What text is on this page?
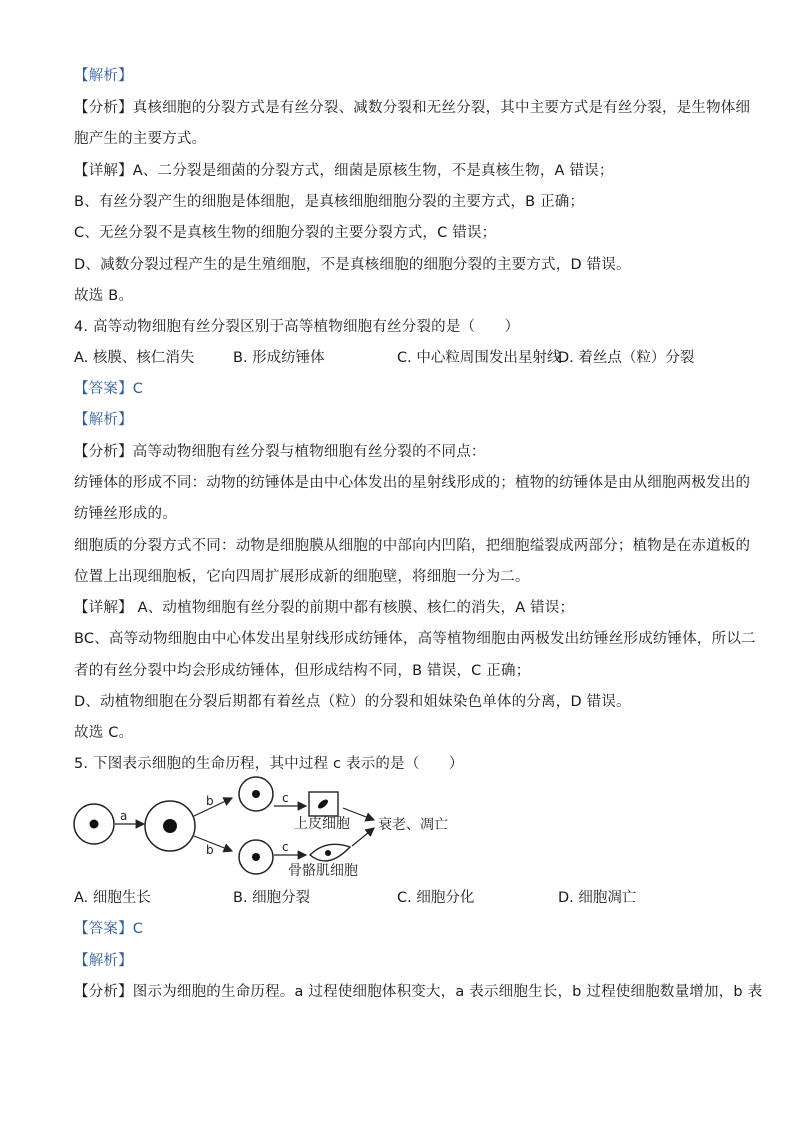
【解析】
【分析】真核细胞的分裂方式是有丝分裂、减数分裂和无丝分裂，其中主要方式是有丝分裂，是生物体细
胞产生的主要方式。
【详解】A、二分裂是细菌的分裂方式，细菌是原核生物，不是真核生物，A 错误；
B、有丝分裂产生的细胞是体细胞，是真核细胞细胞分裂的主要方式，B 正确；
C、无丝分裂不是真核生物的细胞分裂的主要分裂方式，C 错误；
D、减数分裂过程产生的是生殖细胞，不是真核细胞的细胞分裂的主要方式，D 错误。
故选 B。
4. 高等动物细胞有丝分裂区别于高等植物细胞有丝分裂的是（　　）
A. 核膜、核仁消失	B. 形成纺锤体	C. 中心粒周围发出星射线
D. 着丝点（粒）分裂
【答案】C
【解析】
【分析】高等动物细胞有丝分裂与植物细胞有丝分裂的不同点：
纺锤体的形成不同：动物的纺锤体是由中心体发出的星射线形成的；植物的纺锤体是由从细胞两极发出的
纺锤丝形成的。
细胞质的分裂方式不同：动物是细胞膜从细胞的中部向内凹陷，把细胞缢裂成两部分；植物是在赤道板的
位置上出现细胞板，它向四周扩展形成新的细胞壁，将细胞一分为二。
【详解】 A、动植物细胞有丝分裂的前期中都有核膜、核仁的消失，A 错误；
BC、高等动物细胞由中心体发出星射线形成纺锤体，高等植物细胞由两极发出纺锤丝形成纺锤体，所以二
者的有丝分裂中均会形成纺锤体，但形成结构不同，B 错误，C 正确；
D、动植物细胞在分裂后期都有着丝点（粒）的分裂和姐妹染色单体的分离，D 错误。
故选 C。
5. 下图表示细胞的生命历程，其中过程 c 表示的是（　　）
a
b
b
c
c
上皮细胞
骨骼肌细胞
衰老、凋亡
A. 细胞生长	B. 细胞分裂	C. 细胞分化	D. 细胞凋亡
【答案】C
【解析】
【分析】图示为细胞的生命历程。a 过程使细胞体积变大，a 表示细胞生长，b 过程使细胞数量增加，b 表
